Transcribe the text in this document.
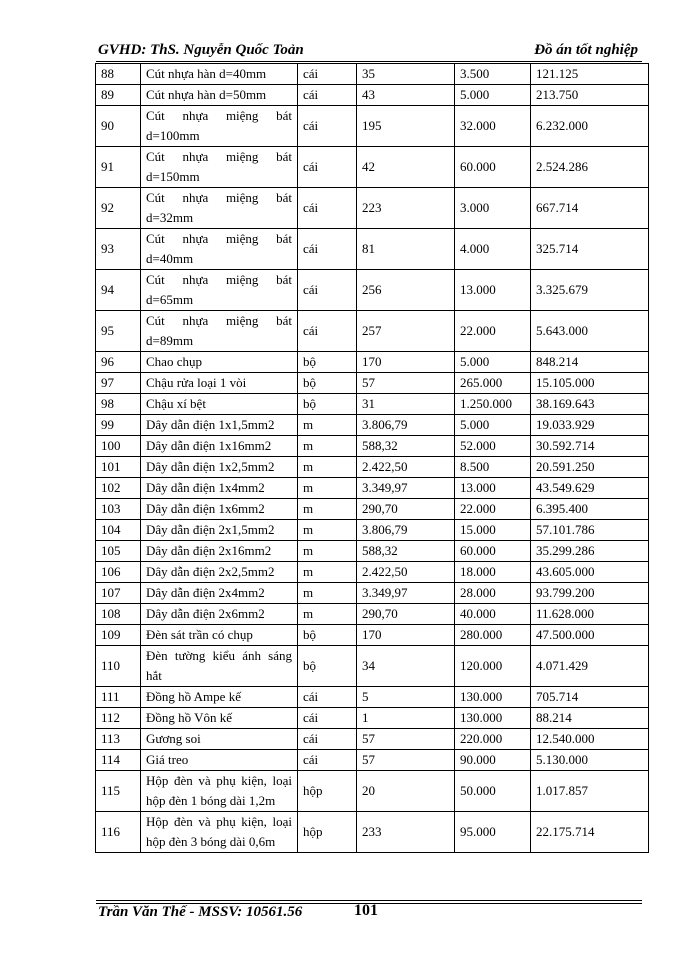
GVHD: ThS. Nguyễn Quốc Toản	Đồ án tốt nghiệp
88	Cút nhựa hàn d=40mm	cái	35	3.500	121.125
89	Cút nhựa hàn d=50mm	cái	43	5.000	213.750
90	Cút nhựa miệng bát d=100mm	cái	195	32.000	6.232.000
91	Cút nhựa miệng bát d=150mm	cái	42	60.000	2.524.286
92	Cút nhựa miệng bát d=32mm	cái	223	3.000	667.714
93	Cút nhựa miệng bát d=40mm	cái	81	4.000	325.714
94	Cút nhựa miệng bát d=65mm	cái	256	13.000	3.325.679
95	Cút nhựa miệng bát d=89mm	cái	257	22.000	5.643.000
96	Chao chụp	bộ	170	5.000	848.214
97	Chậu rửa loại 1 vòi	bộ	57	265.000	15.105.000
98	Chậu xí bệt	bộ	31	1.250.000	38.169.643
99	Dây dẫn điện 1x1,5mm2	m	3.806,79	5.000	19.033.929
100	Dây dẫn điện 1x16mm2	m	588,32	52.000	30.592.714
101	Dây dẫn điện 1x2,5mm2	m	2.422,50	8.500	20.591.250
102	Dây dẫn điện 1x4mm2	m	3.349,97	13.000	43.549.629
103	Dây dẫn điện 1x6mm2	m	290,70	22.000	6.395.400
104	Dây dẫn điện 2x1,5mm2	m	3.806,79	15.000	57.101.786
105	Dây dẫn điện 2x16mm2	m	588,32	60.000	35.299.286
106	Dây dẫn điện 2x2,5mm2	m	2.422,50	18.000	43.605.000
107	Dây dẫn điện 2x4mm2	m	3.349,97	28.000	93.799.200
108	Dây dẫn điện 2x6mm2	m	290,70	40.000	11.628.000
109	Đèn sát trần có chụp	bộ	170	280.000	47.500.000
110	Đèn tường kiểu ánh sáng hắt	bộ	34	120.000	4.071.429
111	Đồng hồ Ampe kế	cái	5	130.000	705.714
112	Đồng hồ Vôn kế	cái	1	130.000	88.214
113	Gương soi	cái	57	220.000	12.540.000
114	Giá treo	cái	57	90.000	5.130.000
115	Hộp đèn và phụ kiện, loại hộp đèn 1 bóng dài 1,2m	hộp	20	50.000	1.017.857
116	Hộp đèn và phụ kiện, loại hộp đèn 3 bóng dài 0,6m	hộp	233	95.000	22.175.714
Trần Văn Thế - MSSV: 10561.56	101
